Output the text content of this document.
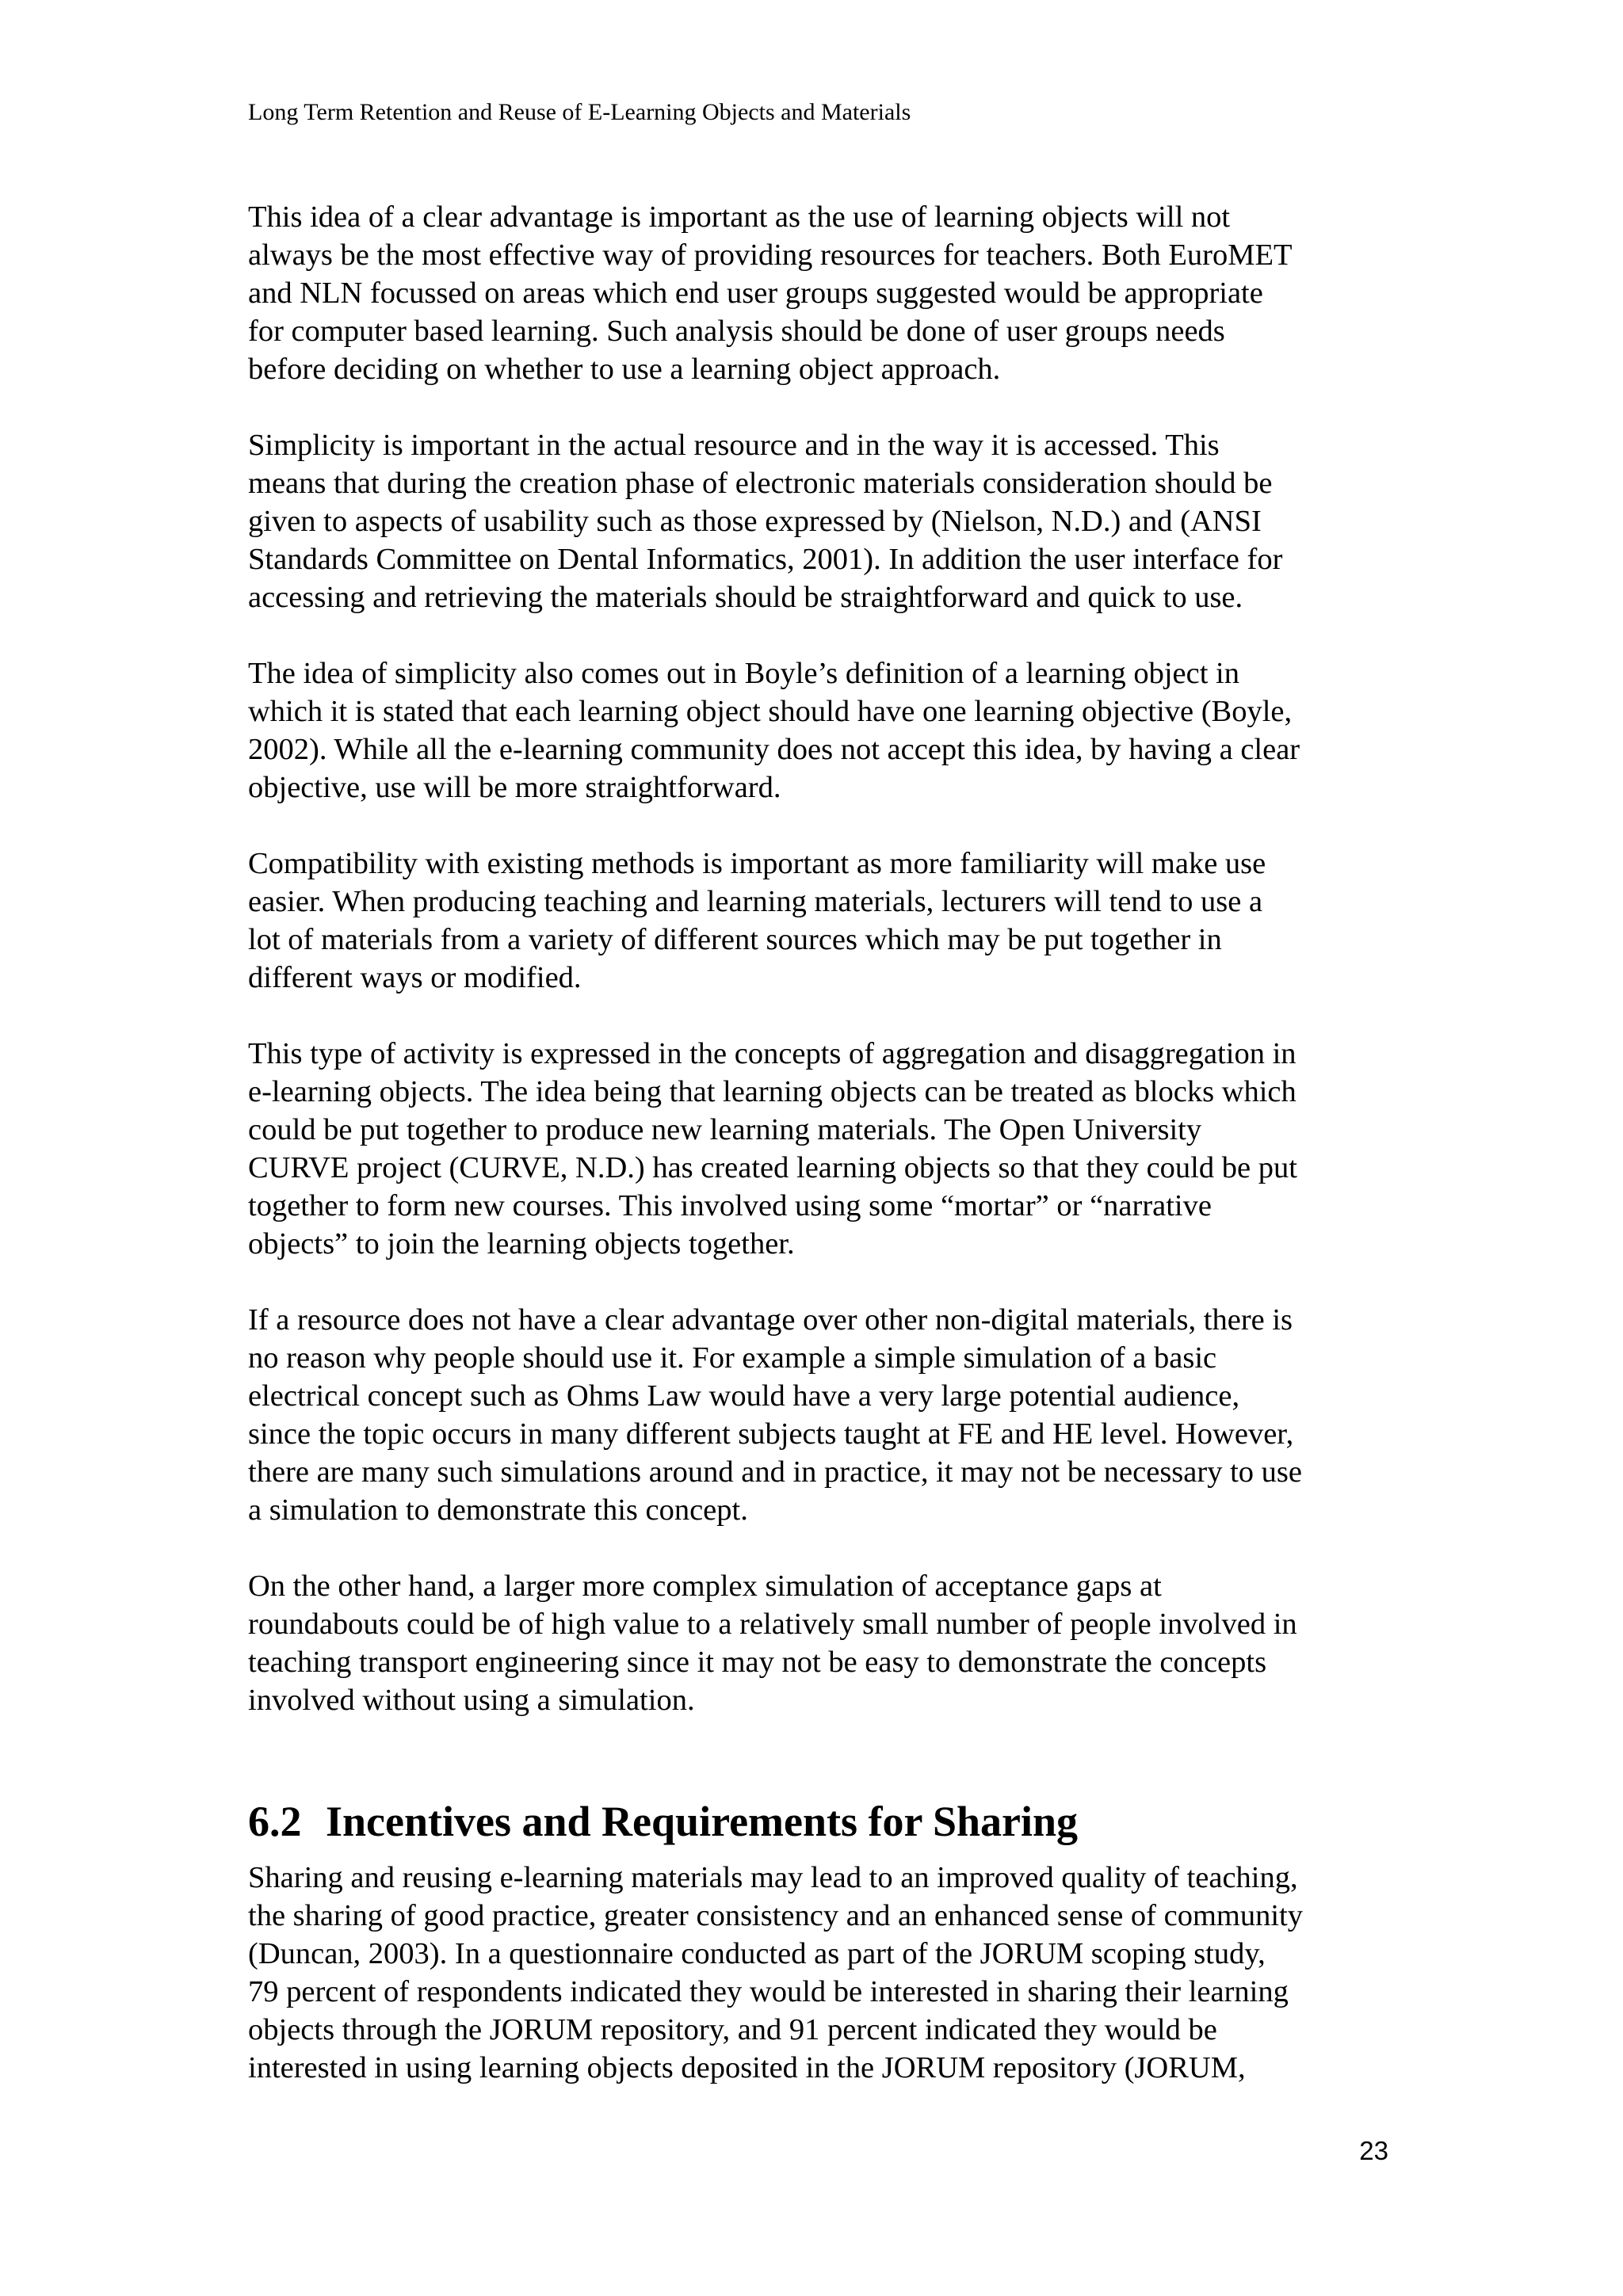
Long Term Retention and Reuse of E-Learning Objects and Materials

This idea of a clear advantage is important as the use of learning objects will not
always be the most effective way of providing resources for teachers. Both EuroMET
and NLN focussed on areas which end user groups suggested would be appropriate
for computer based learning. Such analysis should be done of user groups needs
before deciding on whether to use a learning object approach.

Simplicity is important in the actual resource and in the way it is accessed. This
means that during the creation phase of electronic materials consideration should be
given to aspects of usability such as those expressed by (Nielson, N.D.) and (ANSI
Standards Committee on Dental Informatics, 2001). In addition the user interface for
accessing and retrieving the materials should be straightforward and quick to use.

The idea of simplicity also comes out in Boyle’s definition of a learning object in
which it is stated that each learning object should have one learning objective (Boyle,
2002). While all the e-learning community does not accept this idea, by having a clear
objective, use will be more straightforward.

Compatibility with existing methods is important as more familiarity will make use
easier. When producing teaching and learning materials, lecturers will tend to use a
lot of materials from a variety of different sources which may be put together in
different ways or modified.

This type of activity is expressed in the concepts of aggregation and disaggregation in
e-learning objects. The idea being that learning objects can be treated as blocks which
could be put together to produce new learning materials. The Open University
CURVE project (CURVE, N.D.) has created learning objects so that they could be put
together to form new courses. This involved using some “mortar” or “narrative
objects” to join the learning objects together.

If a resource does not have a clear advantage over other non-digital materials, there is
no reason why people should use it. For example a simple simulation of a basic
electrical concept such as Ohms Law would have a very large potential audience,
since the topic occurs in many different subjects taught at FE and HE level. However,
there are many such simulations around and in practice, it may not be necessary to use
a simulation to demonstrate this concept.

On the other hand, a larger more complex simulation of acceptance gaps at
roundabouts could be of high value to a relatively small number of people involved in
teaching transport engineering since it may not be easy to demonstrate the concepts
involved without using a simulation.

6.2 Incentives and Requirements for Sharing

Sharing and reusing e-learning materials may lead to an improved quality of teaching,
the sharing of good practice, greater consistency and an enhanced sense of community
(Duncan, 2003). In a questionnaire conducted as part of the JORUM scoping study,
79 percent of respondents indicated they would be interested in sharing their learning
objects through the JORUM repository, and 91 percent indicated they would be
interested in using learning objects deposited in the JORUM repository (JORUM,

23
